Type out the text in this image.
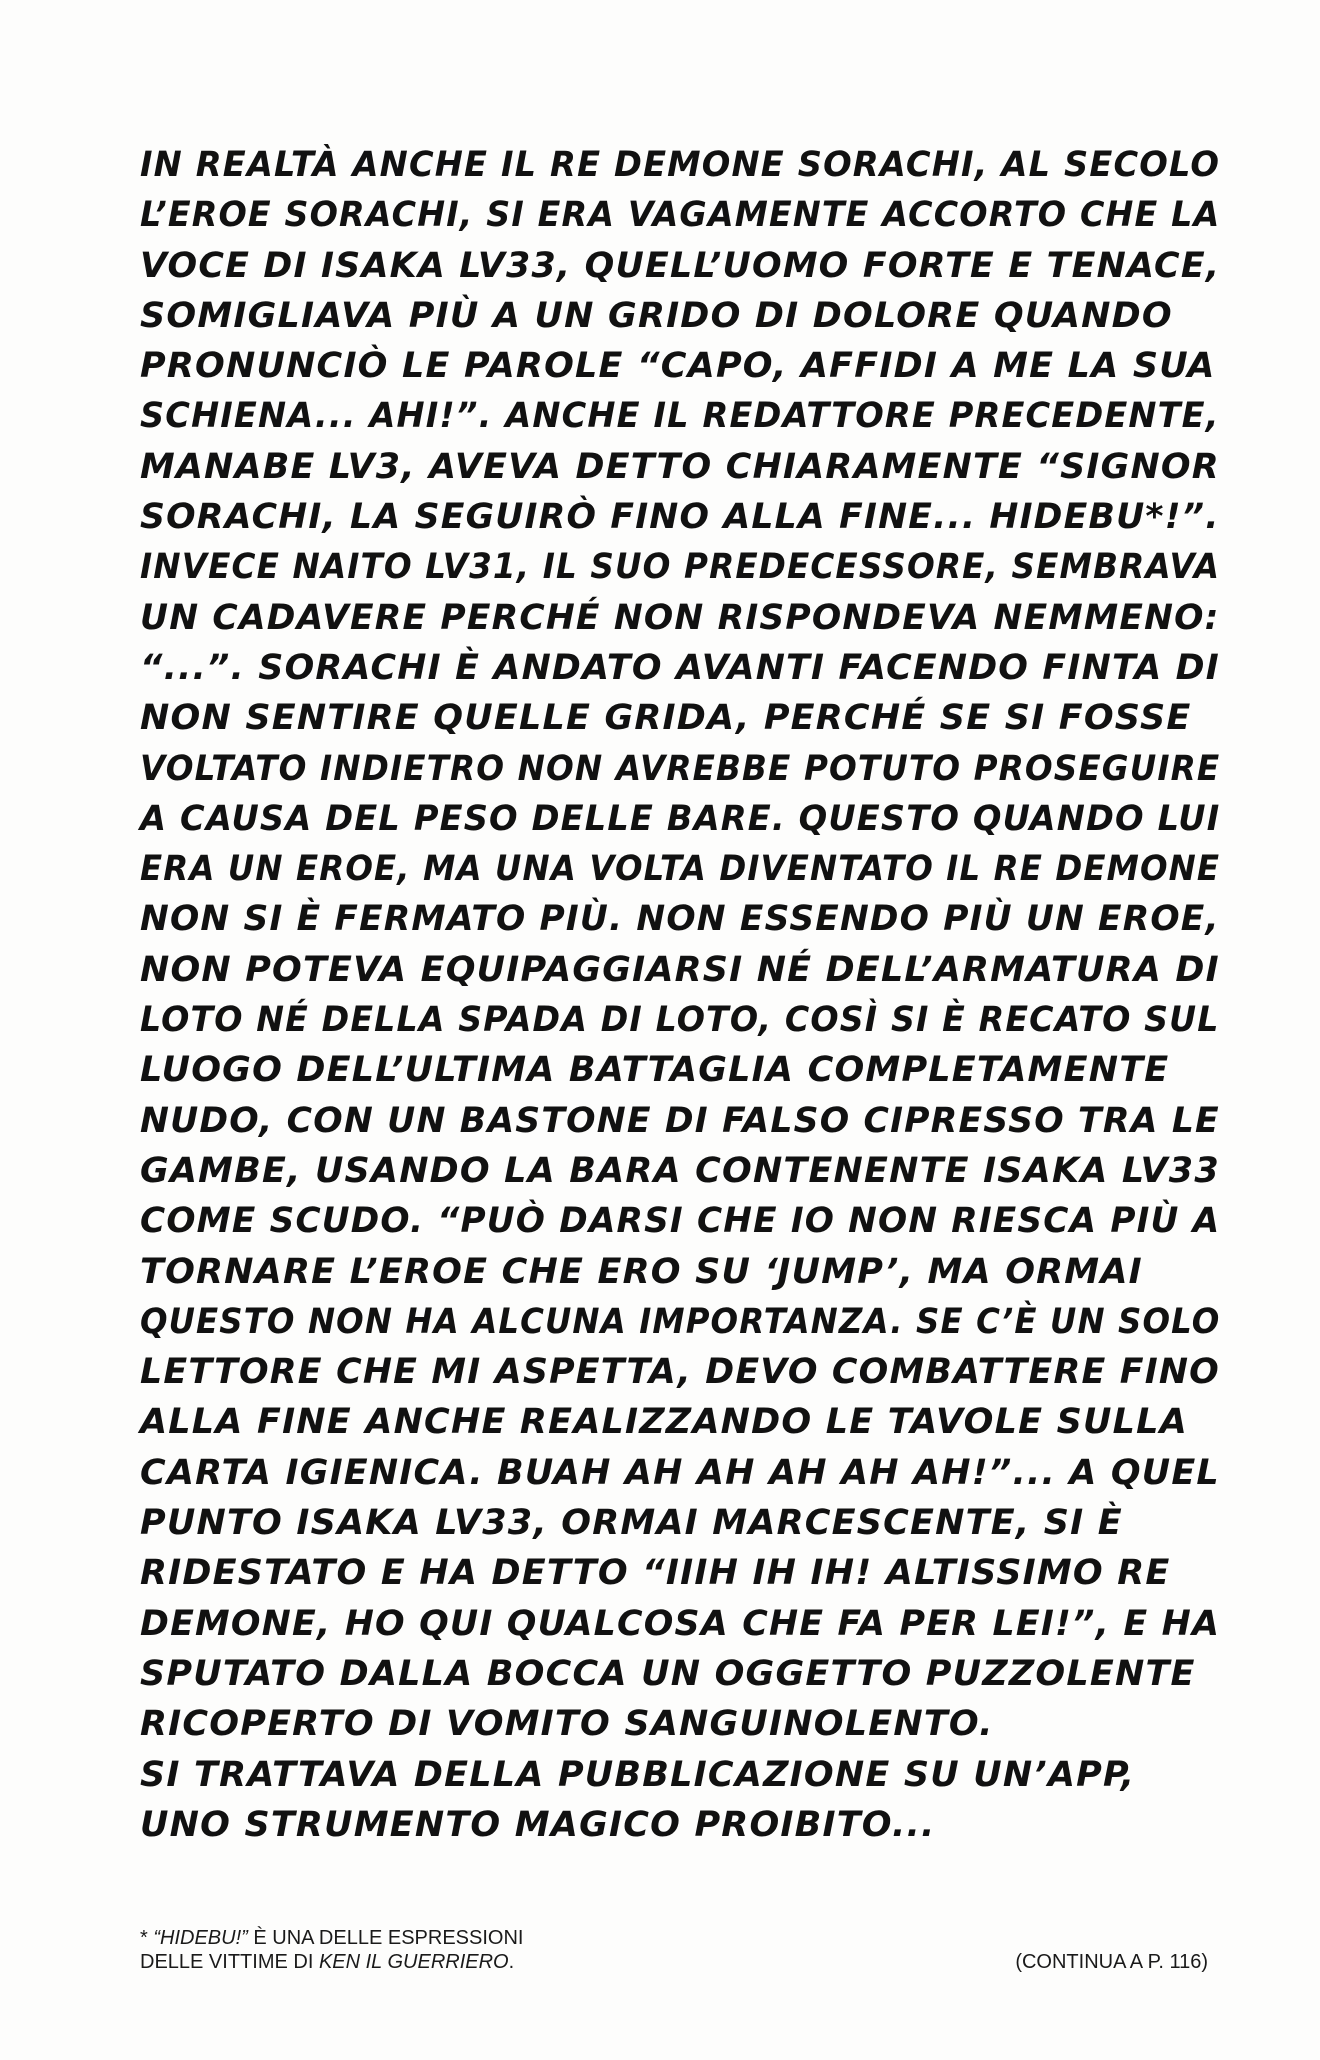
IN REALTÀ ANCHE IL RE DEMONE SORACHI, AL SECOLO
L’EROE SORACHI, SI ERA VAGAMENTE ACCORTO CHE LA
VOCE DI ISAKA LV33, QUELL’UOMO FORTE E TENACE,
SOMIGLIAVA PIÙ A UN GRIDO DI DOLORE QUANDO
PRONUNCIÒ LE PAROLE “CAPO, AFFIDI A ME LA SUA
SCHIENA... AHI!”. ANCHE IL REDATTORE PRECEDENTE,
MANABE LV3, AVEVA DETTO CHIARAMENTE “SIGNOR
SORACHI, LA SEGUIRÒ FINO ALLA FINE... HIDEBU*!”.
INVECE NAITO LV31, IL SUO PREDECESSORE, SEMBRAVA
UN CADAVERE PERCHÉ NON RISPONDEVA NEMMENO:
“...”. SORACHI È ANDATO AVANTI FACENDO FINTA DI
NON SENTIRE QUELLE GRIDA, PERCHÉ SE SI FOSSE
VOLTATO INDIETRO NON AVREBBE POTUTO PROSEGUIRE
A CAUSA DEL PESO DELLE BARE. QUESTO QUANDO LUI
ERA UN EROE, MA UNA VOLTA DIVENTATO IL RE DEMONE
NON SI È FERMATO PIÙ. NON ESSENDO PIÙ UN EROE,
NON POTEVA EQUIPAGGIARSI NÉ DELL’ARMATURA DI
LOTO NÉ DELLA SPADA DI LOTO, COSÌ SI È RECATO SUL
LUOGO DELL’ULTIMA BATTAGLIA COMPLETAMENTE
NUDO, CON UN BASTONE DI FALSO CIPRESSO TRA LE
GAMBE, USANDO LA BARA CONTENENTE ISAKA LV33
COME SCUDO. “PUÒ DARSI CHE IO NON RIESCA PIÙ A
TORNARE L’EROE CHE ERO SU ‘JUMP’, MA ORMAI
QUESTO NON HA ALCUNA IMPORTANZA. SE C’È UN SOLO
LETTORE CHE MI ASPETTA, DEVO COMBATTERE FINO
ALLA FINE ANCHE REALIZZANDO LE TAVOLE SULLA
CARTA IGIENICA. BUAH AH AH AH AH AH!”... A QUEL
PUNTO ISAKA LV33, ORMAI MARCESCENTE, SI È
RIDESTATO E HA DETTO “IIIH IH IH! ALTISSIMO RE
DEMONE, HO QUI QUALCOSA CHE FA PER LEI!”, E HA
SPUTATO DALLA BOCCA UN OGGETTO PUZZOLENTE
RICOPERTO DI VOMITO SANGUINOLENTO.
SI TRATTAVA DELLA PUBBLICAZIONE SU UN’APP,
UNO STRUMENTO MAGICO PROIBITO...
* “HIDEBU!” È UNA DELLE ESPRESSIONI
DELLE VITTIME DI KEN IL GUERRIERO.	(CONTINUA A P. 116)
